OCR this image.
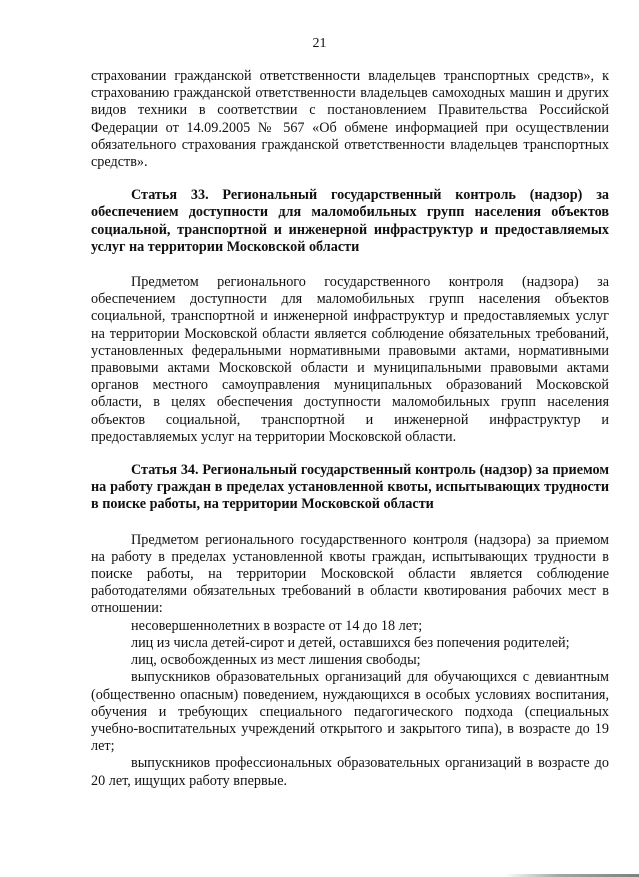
21

страховании гражданской ответственности владельцев транспортных средств», к страхованию гражданской ответственности владельцев самоходных машин и других видов техники в соответствии с постановлением Правительства Российской Федерации от 14.09.2005 № 567 «Об обмене информацией при осуществлении обязательного страхования гражданской ответственности владельцев транспортных средств».

Статья 33. Региональный государственный контроль (надзор) за обеспечением доступности для маломобильных групп населения объектов социальной, транспортной и инженерной инфраструктур и предоставляемых услуг на территории Московской области

Предметом регионального государственного контроля (надзора) за обеспечением доступности для маломобильных групп населения объектов социальной, транспортной и инженерной инфраструктур и предоставляемых услуг на территории Московской области является соблюдение обязательных требований, установленных федеральными нормативными правовыми актами, нормативными правовыми актами Московской области и муниципальными правовыми актами органов местного самоуправления муниципальных образований Московской области, в целях обеспечения доступности маломобильных групп населения объектов социальной, транспортной и инженерной инфраструктур и предоставляемых услуг на территории Московской области.

Статья 34. Региональный государственный контроль (надзор) за приемом на работу граждан в пределах установленной квоты, испытывающих трудности в поиске работы, на территории Московской области

Предметом регионального государственного контроля (надзора) за приемом на работу в пределах установленной квоты граждан, испытывающих трудности в поиске работы, на территории Московской области является соблюдение работодателями обязательных требований в области квотирования рабочих мест в отношении:

несовершеннолетних в возрасте от 14 до 18 лет;

лиц из числа детей-сирот и детей, оставшихся без попечения родителей;

лиц, освобожденных из мест лишения свободы;

выпускников образовательных организаций для обучающихся с девиантным (общественно опасным) поведением, нуждающихся в особых условиях воспитания, обучения и требующих специального педагогического подхода (специальных учебно-воспитательных учреждений открытого и закрытого типа), в возрасте до 19 лет;

выпускников профессиональных образовательных организаций в возрасте до 20 лет, ищущих работу впервые.
